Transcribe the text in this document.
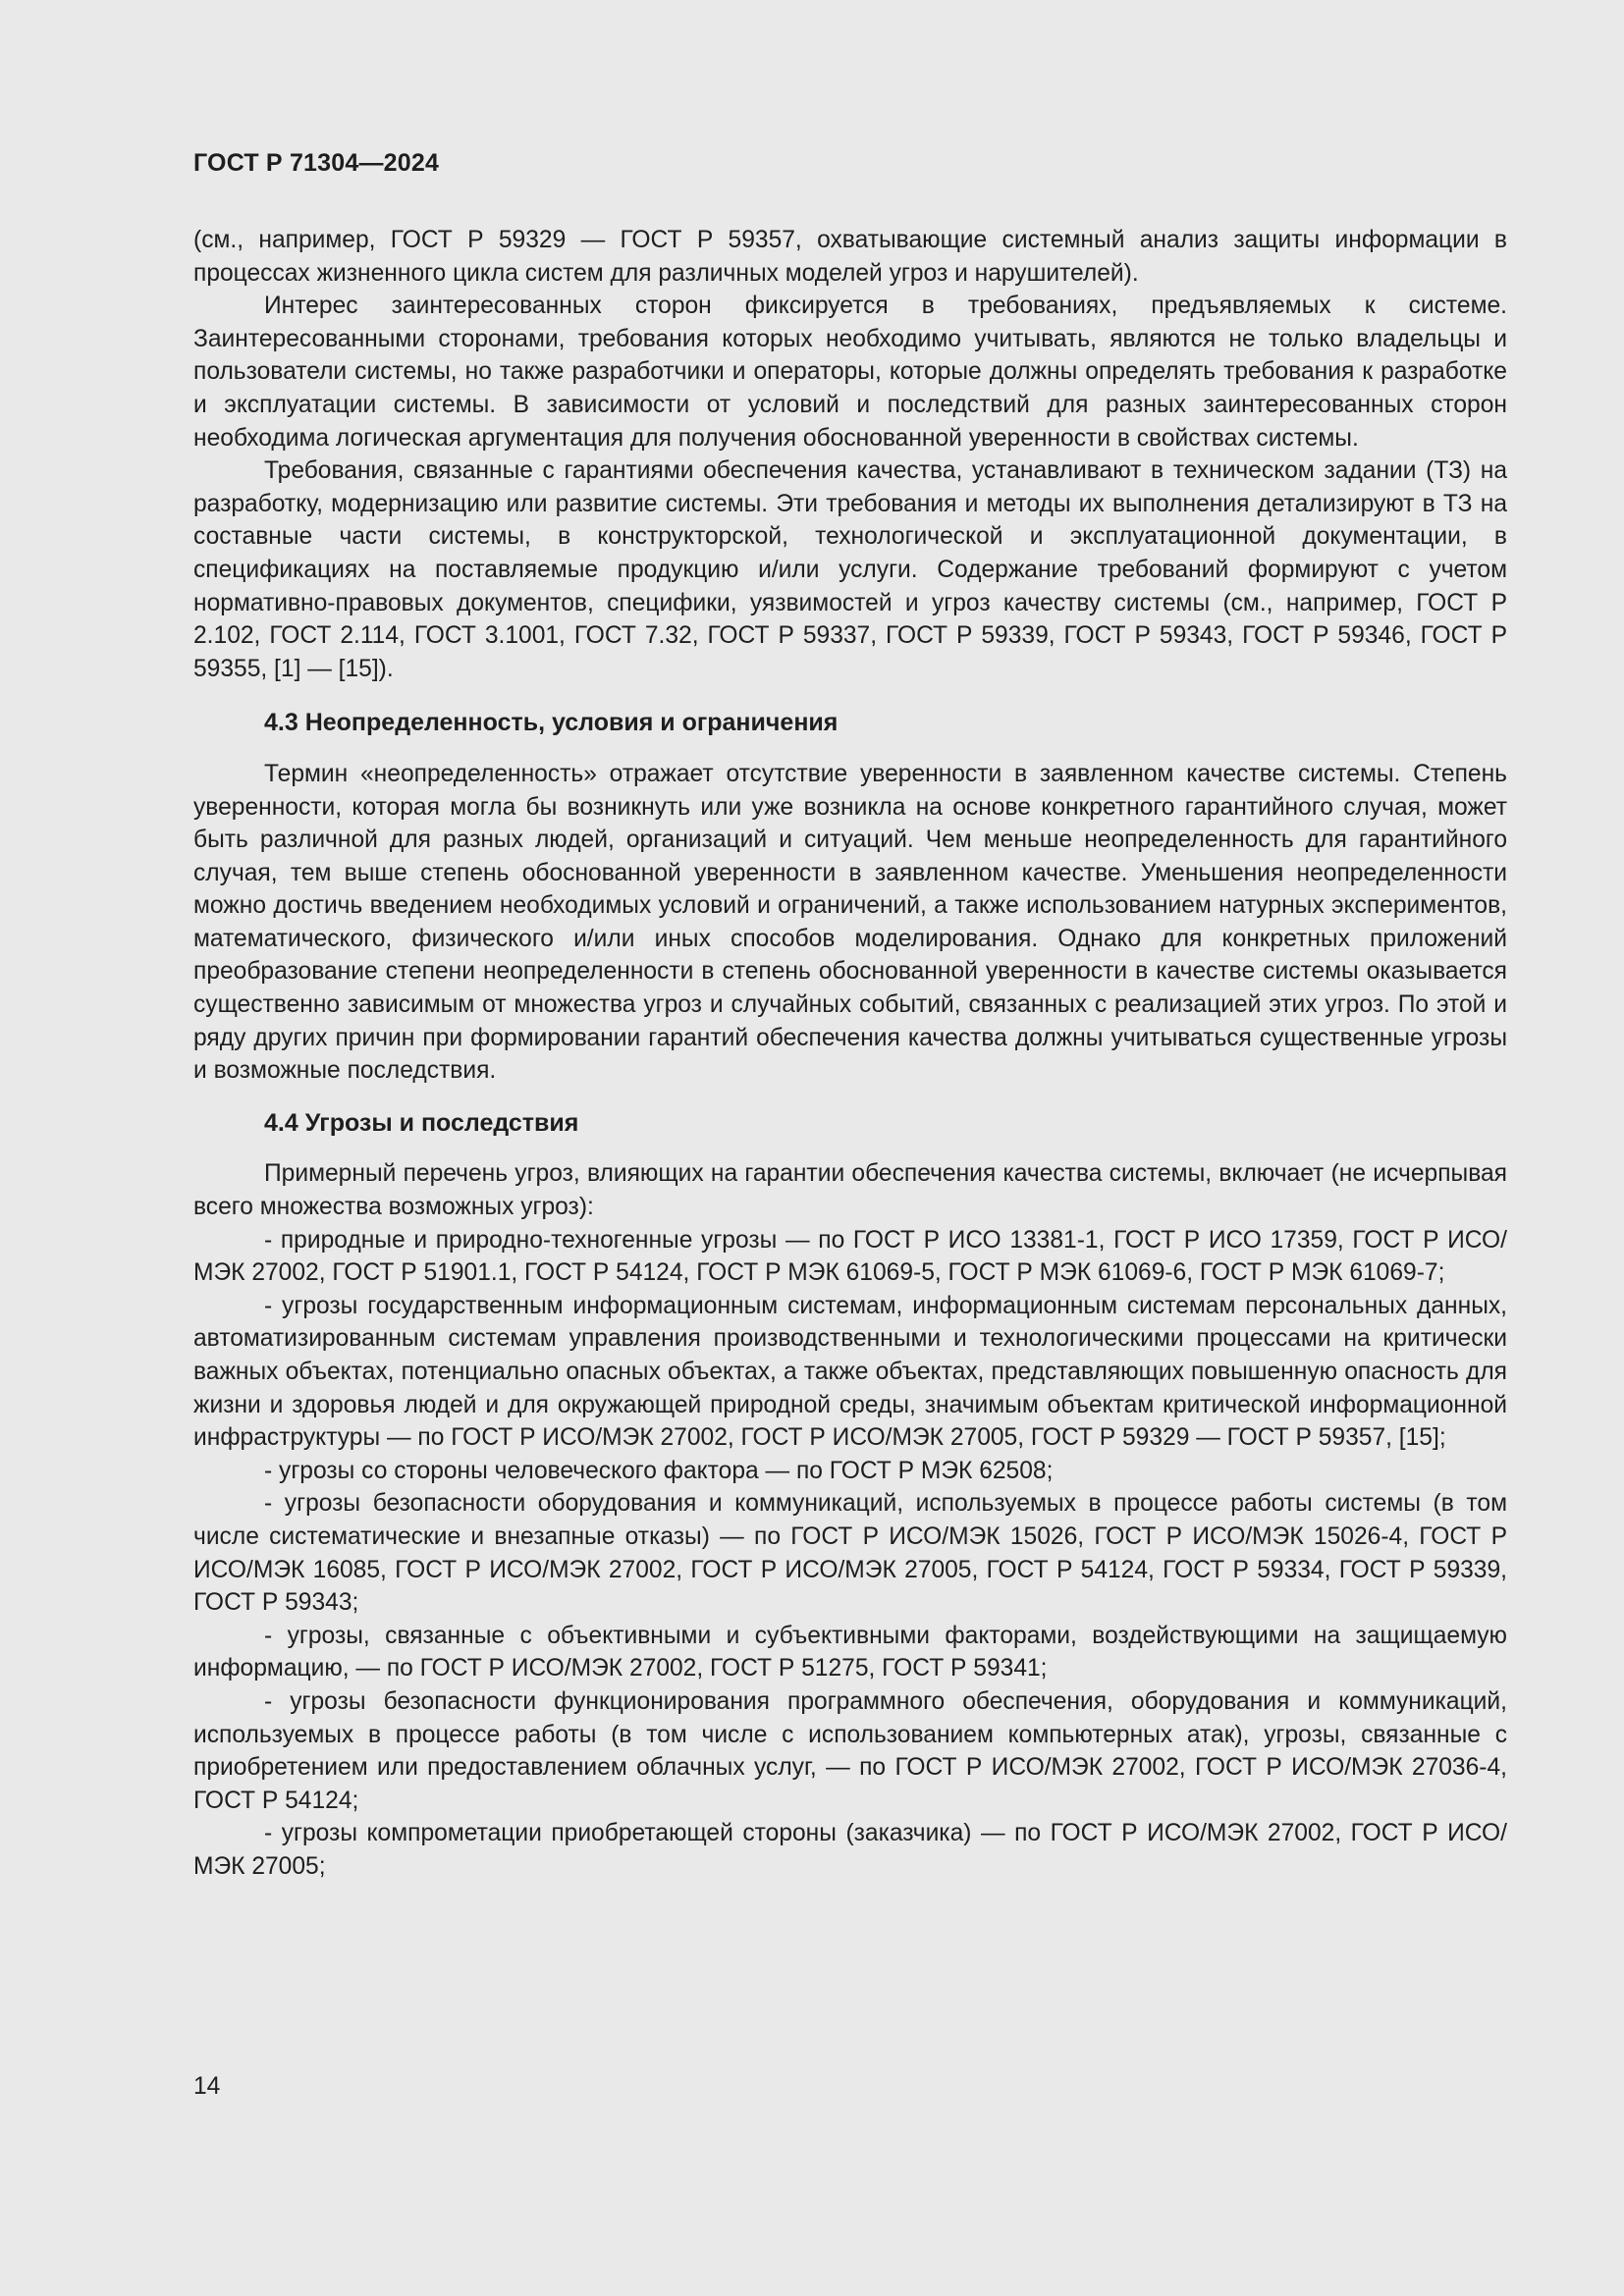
ГОСТ Р 71304—2024

(см., например, ГОСТ Р 59329 — ГОСТ Р 59357, охватывающие системный анализ защиты информации в процессах жизненного цикла систем для различных моделей угроз и нарушителей).

Интерес заинтересованных сторон фиксируется в требованиях, предъявляемых к системе. Заинтересованными сторонами, требования которых необходимо учитывать, являются не только владельцы и пользователи системы, но также разработчики и операторы, которые должны определять требования к разработке и эксплуатации системы. В зависимости от условий и последствий для разных заинтересованных сторон необходима логическая аргументация для получения обоснованной уверенности в свойствах системы.

Требования, связанные с гарантиями обеспечения качества, устанавливают в техническом задании (ТЗ) на разработку, модернизацию или развитие системы. Эти требования и методы их выполнения детализируют в ТЗ на составные части системы, в конструкторской, технологической и эксплуатационной документации, в спецификациях на поставляемые продукцию и/или услуги. Содержание требований формируют с учетом нормативно-правовых документов, специфики, уязвимостей и угроз качеству системы (см., например, ГОСТ Р 2.102, ГОСТ 2.114, ГОСТ 3.1001, ГОСТ 7.32, ГОСТ Р 59337, ГОСТ Р 59339, ГОСТ Р 59343, ГОСТ Р 59346, ГОСТ Р 59355, [1] — [15]).

4.3 Неопределенность, условия и ограничения

Термин «неопределенность» отражает отсутствие уверенности в заявленном качестве системы. Степень уверенности, которая могла бы возникнуть или уже возникла на основе конкретного гарантийного случая, может быть различной для разных людей, организаций и ситуаций. Чем меньше неопределенность для гарантийного случая, тем выше степень обоснованной уверенности в заявленном качестве. Уменьшения неопределенности можно достичь введением необходимых условий и ограничений, а также использованием натурных экспериментов, математического, физического и/или иных способов моделирования. Однако для конкретных приложений преобразование степени неопределенности в степень обоснованной уверенности в качестве системы оказывается существенно зависимым от множества угроз и случайных событий, связанных с реализацией этих угроз. По этой и ряду других причин при формировании гарантий обеспечения качества должны учитываться существенные угрозы и возможные последствия.

4.4 Угрозы и последствия

Примерный перечень угроз, влияющих на гарантии обеспечения качества системы, включает (не исчерпывая всего множества возможных угроз):

- природные и природно-техногенные угрозы — по ГОСТ Р ИСО 13381-1, ГОСТ Р ИСО 17359, ГОСТ Р ИСО/МЭК 27002, ГОСТ Р 51901.1, ГОСТ Р 54124, ГОСТ Р МЭК 61069-5, ГОСТ Р МЭК 61069-6, ГОСТ Р МЭК 61069-7;

- угрозы государственным информационным системам, информационным системам персональных данных, автоматизированным системам управления производственными и технологическими процессами на критически важных объектах, потенциально опасных объектах, а также объектах, представляющих повышенную опасность для жизни и здоровья людей и для окружающей природной среды, значимым объектам критической информационной инфраструктуры — по ГОСТ Р ИСО/МЭК 27002, ГОСТ Р ИСО/МЭК 27005, ГОСТ Р 59329 — ГОСТ Р 59357, [15];

- угрозы со стороны человеческого фактора — по ГОСТ Р МЭК 62508;

- угрозы безопасности оборудования и коммуникаций, используемых в процессе работы системы (в том числе систематические и внезапные отказы) — по ГОСТ Р ИСО/МЭК 15026, ГОСТ Р ИСО/МЭК 15026-4, ГОСТ Р ИСО/МЭК 16085, ГОСТ Р ИСО/МЭК 27002, ГОСТ Р ИСО/МЭК 27005, ГОСТ Р 54124, ГОСТ Р 59334, ГОСТ Р 59339, ГОСТ Р 59343;

- угрозы, связанные с объективными и субъективными факторами, воздействующими на защищаемую информацию, — по ГОСТ Р ИСО/МЭК 27002, ГОСТ Р 51275, ГОСТ Р 59341;

- угрозы безопасности функционирования программного обеспечения, оборудования и коммуникаций, используемых в процессе работы (в том числе с использованием компьютерных атак), угрозы, связанные с приобретением или предоставлением облачных услуг, — по ГОСТ Р ИСО/МЭК 27002, ГОСТ Р ИСО/МЭК 27036-4, ГОСТ Р 54124;

- угрозы компрометации приобретающей стороны (заказчика) — по ГОСТ Р ИСО/МЭК 27002, ГОСТ Р ИСО/МЭК 27005;

14
